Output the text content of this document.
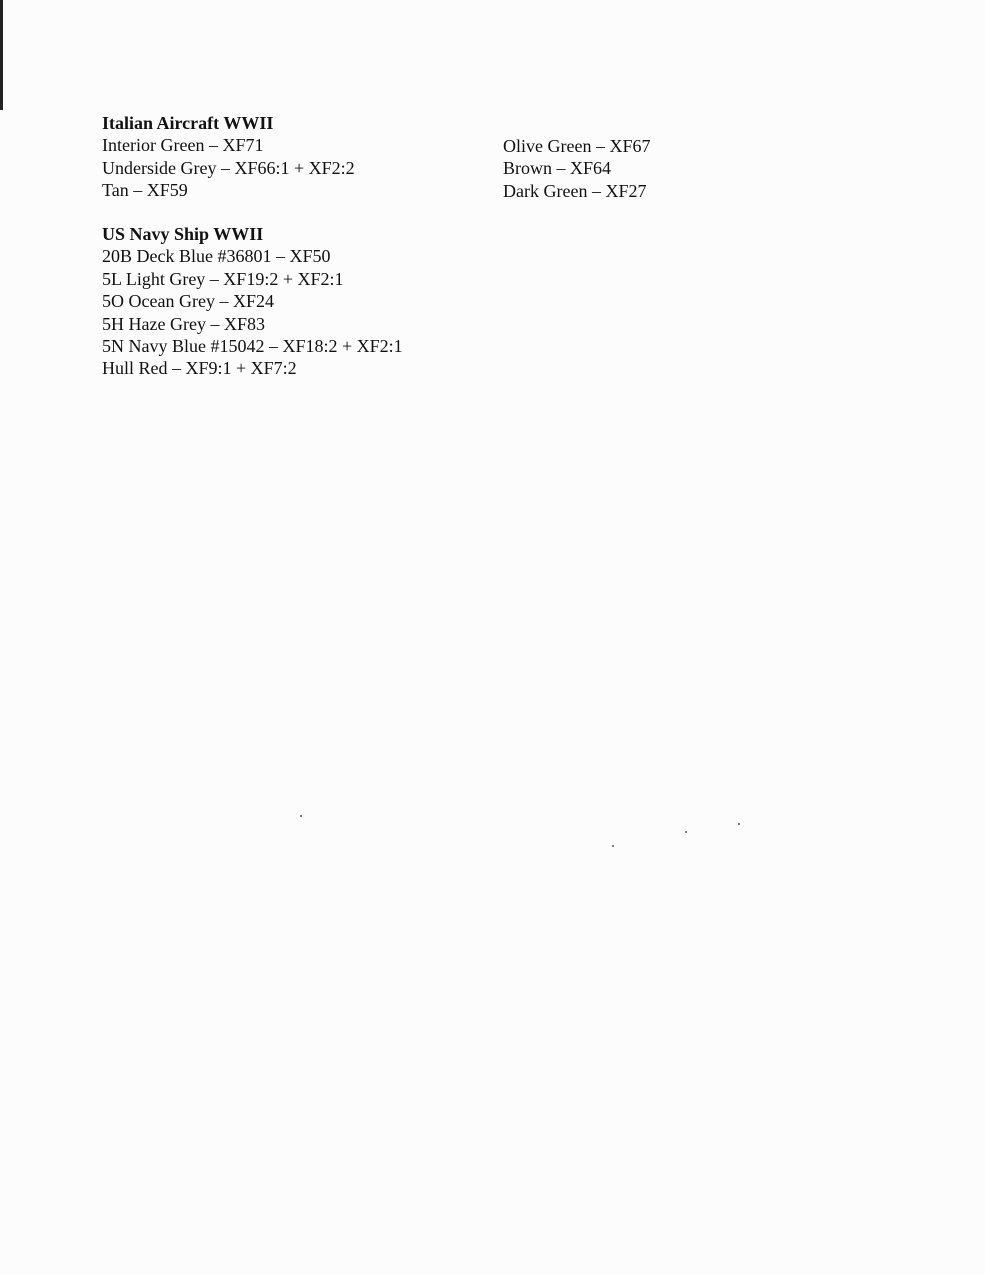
Italian Aircraft WWII
Interior Green – XF71
Underside Grey – XF66:1 + XF2:2
Tan – XF59
Olive Green – XF67
Brown – XF64
Dark Green – XF27
US Navy Ship WWII
20B Deck Blue #36801 – XF50
5L Light Grey – XF19:2 + XF2:1
5O Ocean Grey – XF24
5H Haze Grey – XF83
5N Navy Blue #15042 – XF18:2 + XF2:1
Hull Red – XF9:1 + XF7:2
